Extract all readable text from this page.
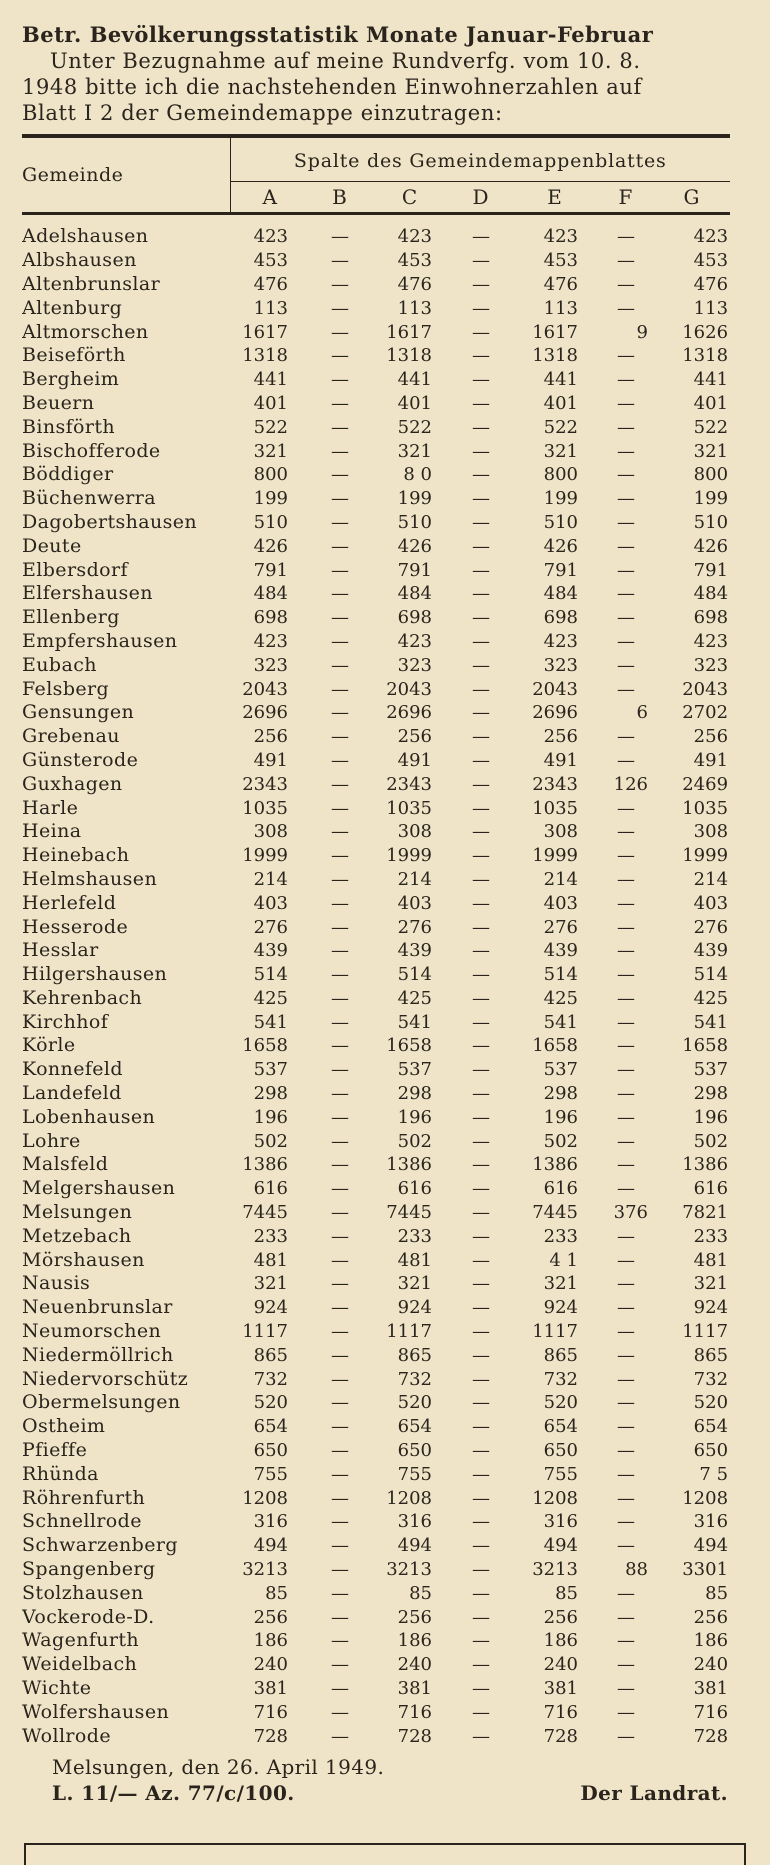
Betr. Bevölkerungsstatistik Monate Januar-Februar

Unter Bezugnahme auf meine Rundverfg. vom 10. 8.
1948 bitte ich die nachstehenden Einwohnerzahlen auf
Blatt I 2 der Gemeindemappe einzutragen:

Gemeinde	Spalte des Gemeindemappenblattes						
	A	B	C	D	E	F	G

Adelshausen	423	—	423	—	423	—	423
Albshausen	453	—	453	—	453	—	453
Altenbrunslar	476	—	476	—	476	—	476
Altenburg	113	—	113	—	113	—	113
Altmorschen	1617	—	1617	—	1617	9	1626
Beiseförth	1318	—	1318	—	1318	—	1318
Bergheim	441	—	441	—	441	—	441
Beuern	401	—	401	—	401	—	401
Binsförth	522	—	522	—	522	—	522
Bischofferode	321	—	321	—	321	—	321
Böddiger	800	—	8 0	—	800	—	800
Büchenwerra	199	—	199	—	199	—	199
Dagobertshausen	510	—	510	—	510	—	510
Deute	426	—	426	—	426	—	426
Elbersdorf	791	—	791	—	791	—	791
Elfershausen	484	—	484	—	484	—	484
Ellenberg	698	—	698	—	698	—	698
Empfershausen	423	—	423	—	423	—	423
Eubach	323	—	323	—	323	—	323
Felsberg	2043	—	2043	—	2043	—	2043
Gensungen	2696	—	2696	—	2696	6	2702
Grebenau	256	—	256	—	256	—	256
Günsterode	491	—	491	—	491	—	491
Guxhagen	2343	—	2343	—	2343	126	2469
Harle	1035	—	1035	—	1035	—	1035
Heina	308	—	308	—	308	—	308
Heinebach	1999	—	1999	—	1999	—	1999
Helmshausen	214	—	214	—	214	—	214
Herlefeld	403	—	403	—	403	—	403
Hesserode	276	—	276	—	276	—	276
Hesslar	439	—	439	—	439	—	439
Hilgershausen	514	—	514	—	514	—	514
Kehrenbach	425	—	425	—	425	—	425
Kirchhof	541	—	541	—	541	—	541
Körle	1658	—	1658	—	1658	—	1658
Konnefeld	537	—	537	—	537	—	537
Landefeld	298	—	298	—	298	—	298
Lobenhausen	196	—	196	—	196	—	196
Lohre	502	—	502	—	502	—	502
Malsfeld	1386	—	1386	—	1386	—	1386
Melgershausen	616	—	616	—	616	—	616
Melsungen	7445	—	7445	—	7445	376	7821
Metzebach	233	—	233	—	233	—	233
Mörshausen	481	—	481	—	4 1	—	481
Nausis	321	—	321	—	321	—	321
Neuenbrunslar	924	—	924	—	924	—	924
Neumorschen	1117	—	1117	—	1117	—	1117
Niedermöllrich	865	—	865	—	865	—	865
Niedervorschütz	732	—	732	—	732	—	732
Obermelsungen	520	—	520	—	520	—	520
Ostheim	654	—	654	—	654	—	654
Pfieffe	650	—	650	—	650	—	650
Rhünda	755	—	755	—	755	—	7 5
Röhrenfurth	1208	—	1208	—	1208	—	1208
Schnellrode	316	—	316	—	316	—	316
Schwarzenberg	494	—	494	—	494	—	494
Spangenberg	3213	—	3213	—	3213	88	3301
Stolzhausen	85	—	85	—	85	—	85
Vockerode-D.	256	—	256	—	256	—	256
Wagenfurth	186	—	186	—	186	—	186
Weidelbach	240	—	240	—	240	—	240
Wichte	381	—	381	—	381	—	381
Wolfershausen	716	—	716	—	716	—	716
Wollrode	728	—	728	—	728	—	728
Melsungen, den 26. April 1949.
L. 11/— Az. 77/c/100.	Der Landrat.
